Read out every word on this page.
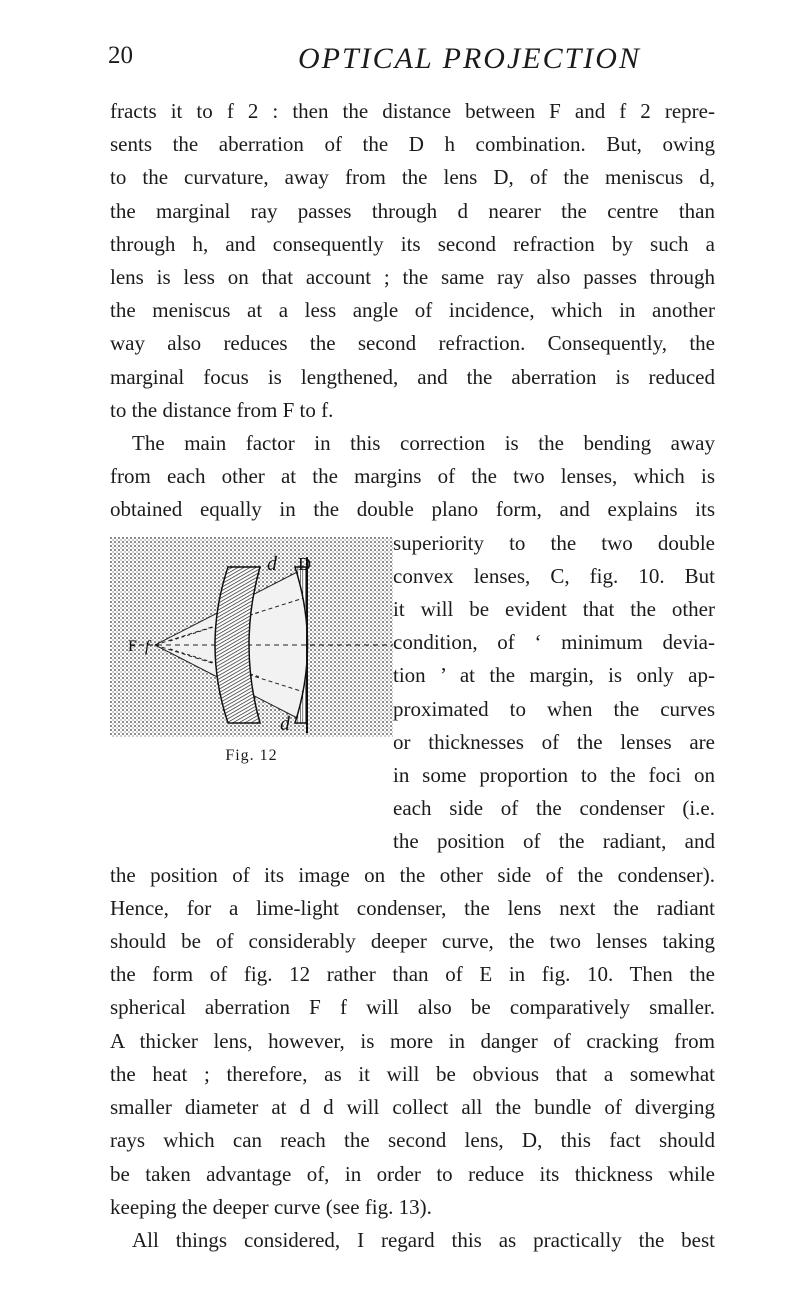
20	OPTICAL PROJECTION
fracts it to f 2 : then the distance between F and f 2 repre-
sents the aberration of the D h combination. But, owing
to the curvature, away from the lens D, of the meniscus d,
the marginal ray passes through d nearer the centre than
through h, and consequently its second refraction by such a
lens is less on that account ; the same ray also passes through
the meniscus at a less angle of incidence, which in another
way also reduces the second refraction. Consequently, the
marginal focus is lengthened, and the aberration is reduced
to the distance from F to f.
The main factor in this correction is the bending away
from each other at the margins of the two lenses, which is
obtained equally in the double plano form, and explains its
d D
F f
d
Fig. 12
superiority to the two double
convex lenses, C, fig. 10. But
it will be evident that the other
condition, of ‘ minimum devia-
tion ’ at the margin, is only ap-
proximated to when the curves
or thicknesses of the lenses are
in some proportion to the foci on
each side of the condenser (i.e.
the position of the radiant, and
the position of its image on the other side of the condenser).
Hence, for a lime-light condenser, the lens next the radiant
should be of considerably deeper curve, the two lenses taking
the form of fig. 12 rather than of E in fig. 10. Then the
spherical aberration F f will also be comparatively smaller.
A thicker lens, however, is more in danger of cracking from
the heat ; therefore, as it will be obvious that a somewhat
smaller diameter at d d will collect all the bundle of diverging
rays which can reach the second lens, D, this fact should
be taken advantage of, in order to reduce its thickness while
keeping the deeper curve (see fig. 13).
All things considered, I regard this as practically the best
